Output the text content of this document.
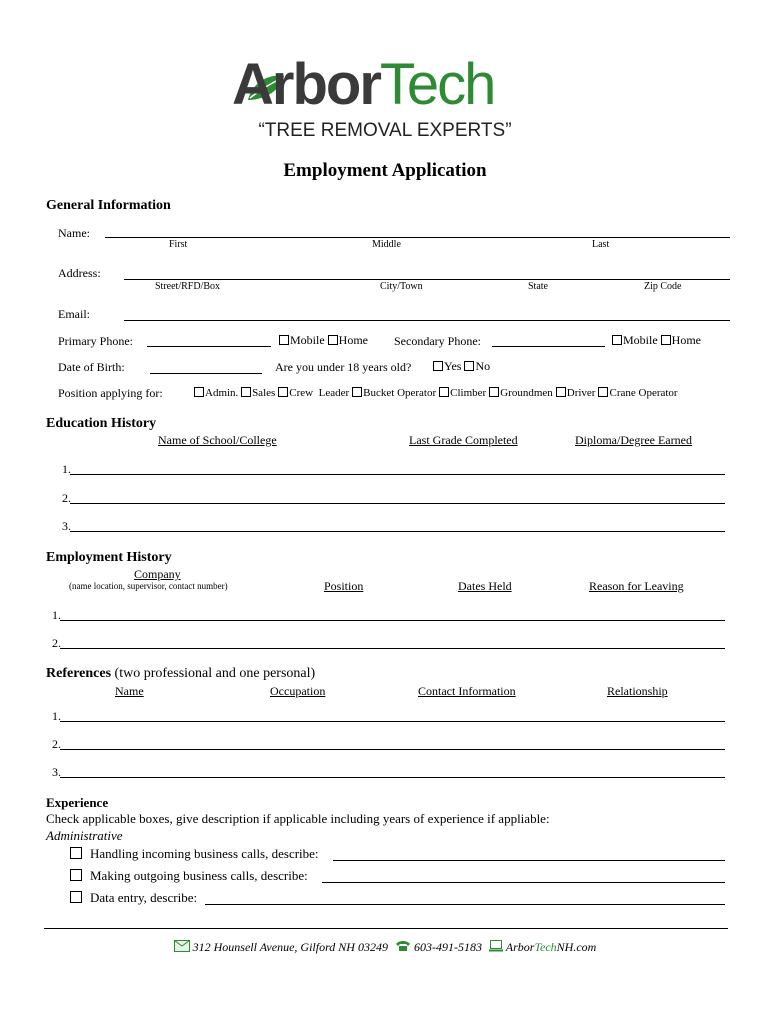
ArborTech
“TREE REMOVAL EXPERTS”
Employment Application
General Information
Name:
First	Middle	Last
Address:
Street/RFD/Box	City/Town	State	Zip Code
Email:
Primary Phone:	Mobile Home Secondary Phone:	Mobile Home
Date of Birth:	Are you under 18 years old?	Yes No
Position applying for:	Admin. Sales Crew  Leader Bucket Operator Climber Groundmen Driver Crane Operator
Education History
Name of School/College	Last Grade Completed	Diploma/Degree Earned
1.
2.
3.
Employment History
Company
(name location, supervisor, contact number)	Position	Dates Held	Reason for Leaving
1.
2.
References (two professional and one personal)
Name	Occupation	Contact Information	Relationship
1.
2.
3.
Experience
Check applicable boxes, give description if applicable including years of experience if appliable:
Administrative
Handling incoming business calls, describe:
Making outgoing business calls, describe:
Data entry, describe:
312 Hounsell Avenue, Gilford NH 03249 603-491-5183 ArborTechNH.com
